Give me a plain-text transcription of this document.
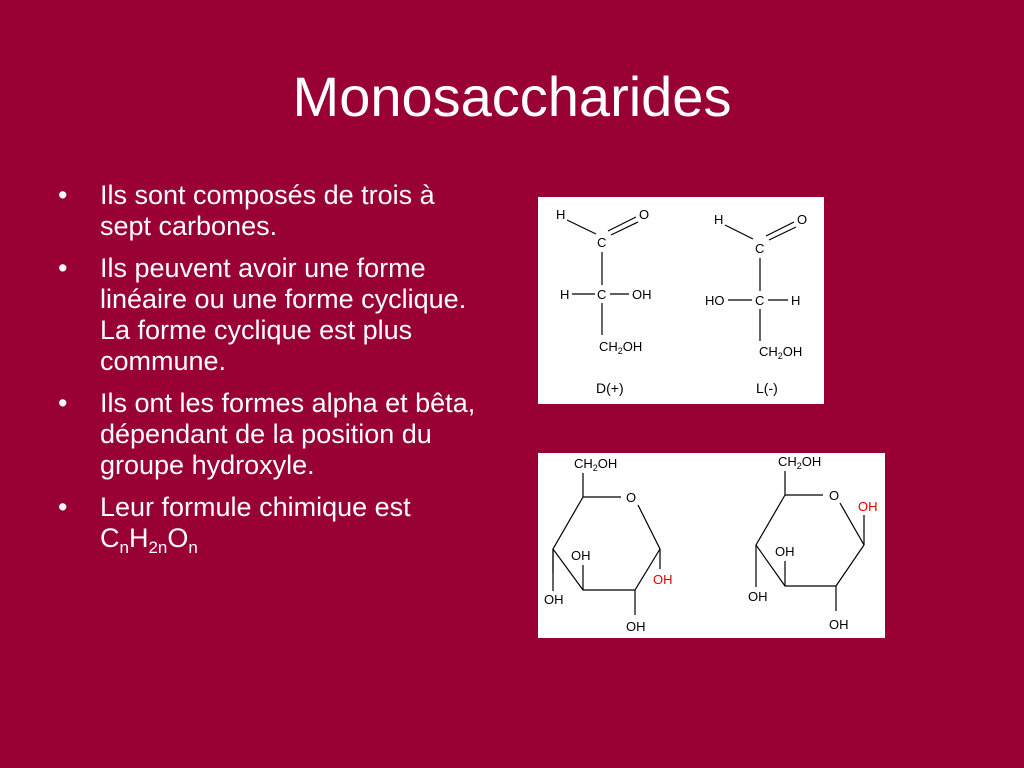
Monosaccharides
• Ils sont composés de trois à sept carbones.
• Ils peuvent avoir une forme linéaire ou une forme cyclique. La forme cyclique est plus commune.
• Ils ont les formes alpha et bêta, dépendant de la position du groupe hydroxyle.
• Leur formule chimique est  $C_nH_{2n}O_n$
H	O
C
H C OH
$CH_2OH$
D(+)
H	O
C
HO C H
$CH_2OH$
L(-)
$CH_2OH$
O
OH
OH
OH
OH
$CH_2OH$
O
OH
OH
OH
OH
